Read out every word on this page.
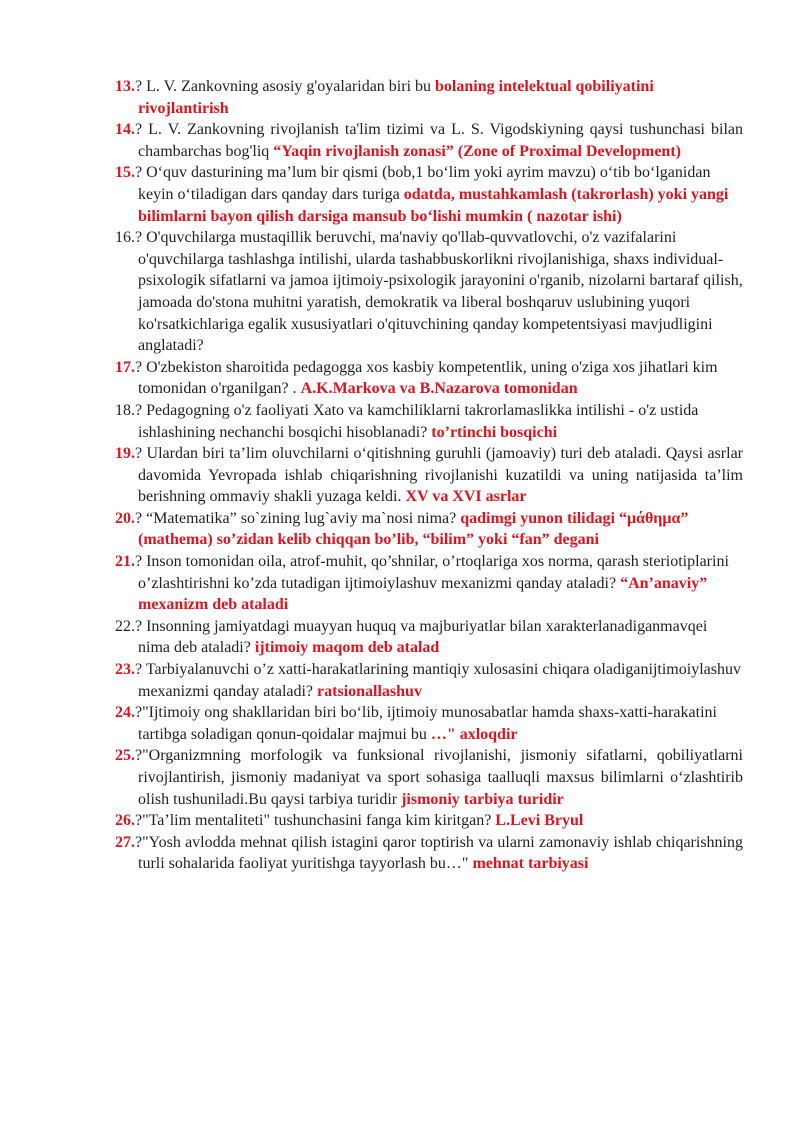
13.? L. V. Zankovning asosiy g'oyalaridan biri bu bolaning intelektual qobiliyatini rivojlantirish
14.? L. V. Zankovning rivojlanish ta'lim tizimi va L. S. Vigodskiyning qaysi tushunchasi bilan chambarchas bog'liq “Yaqin rivojlanish zonasi” (Zone of Proximal Development)
15.? O‘quv dasturining ma’lum bir qismi (bob,1 bo‘lim yoki ayrim mavzu) o‘tib bo‘lganidan keyin o‘tiladigan dars qanday dars turiga odatda, mustahkamlash (takrorlash) yoki yangi bilimlarni bayon qilish darsiga mansub bo‘lishi mumkin ( nazotar ishi)
16.? O'quvchilarga mustaqillik beruvchi, ma'naviy qo'llab-quvvatlovchi, o'z vazifalarini o'quvchilarga tashlashga intilishi, ularda tashabbuskorlikni rivojlanishiga, shaxs individual-psixologik sifatlarni va jamoa ijtimoiy-psixologik jarayonini o'rganib, nizolarni bartaraf qilish, jamoada do'stona muhitni yaratish, demokratik va liberal boshqaruv uslubining yuqori ko'rsatkichlariga egalik xususiyatlari o'qituvchining qanday kompetentsiyasi mavjudligini anglatadi?
17.? O'zbekiston sharoitida pedagogga xos kasbiy kompetentlik, uning o'ziga xos jihatlari kim tomonidan o'rganilgan? . A.K.Markova va B.Nazarova tomonidan
18.? Pedagogning o'z faoliyati Xato va kamchiliklarni takrorlamaslikka intilishi - o'z ustida ishlashining nechanchi bosqichi hisoblanadi? to’rtinchi bosqichi
19.? Ulardan biri ta’lim oluvchilarni o‘qitishning guruhli (jamoaviy) turi deb ataladi. Qaysi asrlar davomida Yevropada ishlab chiqarishning rivojlanishi kuzatildi va uning natijasida ta’lim berishning ommaviy shakli yuzaga keldi. XV va XVI asrlar
20.? “Matematika” so`zining lug`aviy ma`nosi nima? qadimgi yunon tilidagi “μάθημα” (mathema) so’zidan kelib chiqqan bo’lib, “bilim” yoki “fan” degani
21.? Inson tomonidan oila, atrof-muhit, qo’shnilar, o’rtoqlariga xos norma, qarash steriotiplarini o’zlashtirishni ko’zda tutadigan ijtimoiylashuv mexanizmi qanday ataladi? “An’anaviy” mexanizm deb ataladi
22.? Insonning jamiyatdagi muayyan huquq va majburiyatlar bilan xarakterlanadiganmavqei nima deb ataladi? ijtimoiy maqom deb atalad
23.? Tarbiyalanuvchi o’z xatti-harakatlarining mantiqiy xulosasini chiqara oladiganijtimoiylashuv mexanizmi qanday ataladi? ratsionallashuv
24.?"Ijtimoiy ong shakllaridan biri bo‘lib, ijtimoiy munosabatlar hamda shaxs-xatti-harakatini tartibga soladigan qonun-qoidalar majmui bu …" axloqdir
25.?"Organizmning morfologik va funksional rivojlanishi, jismoniy sifatlarni, qobiliyatlarni rivojlantirish, jismoniy madaniyat va sport sohasiga taalluqli maxsus bilimlarni o‘zlashtirib olish tushuniladi.Bu qaysi tarbiya turidir jismoniy tarbiya turidir
26.?"Ta’lim mentaliteti" tushunchasini fanga kim kiritgan? L.Levi Bryul
27.?"Yosh avlodda mehnat qilish istagini qaror toptirish va ularni zamonaviy ishlab chiqarishning turli sohalarida faoliyat yuritishga tayyorlash bu…" mehnat tarbiyasi
